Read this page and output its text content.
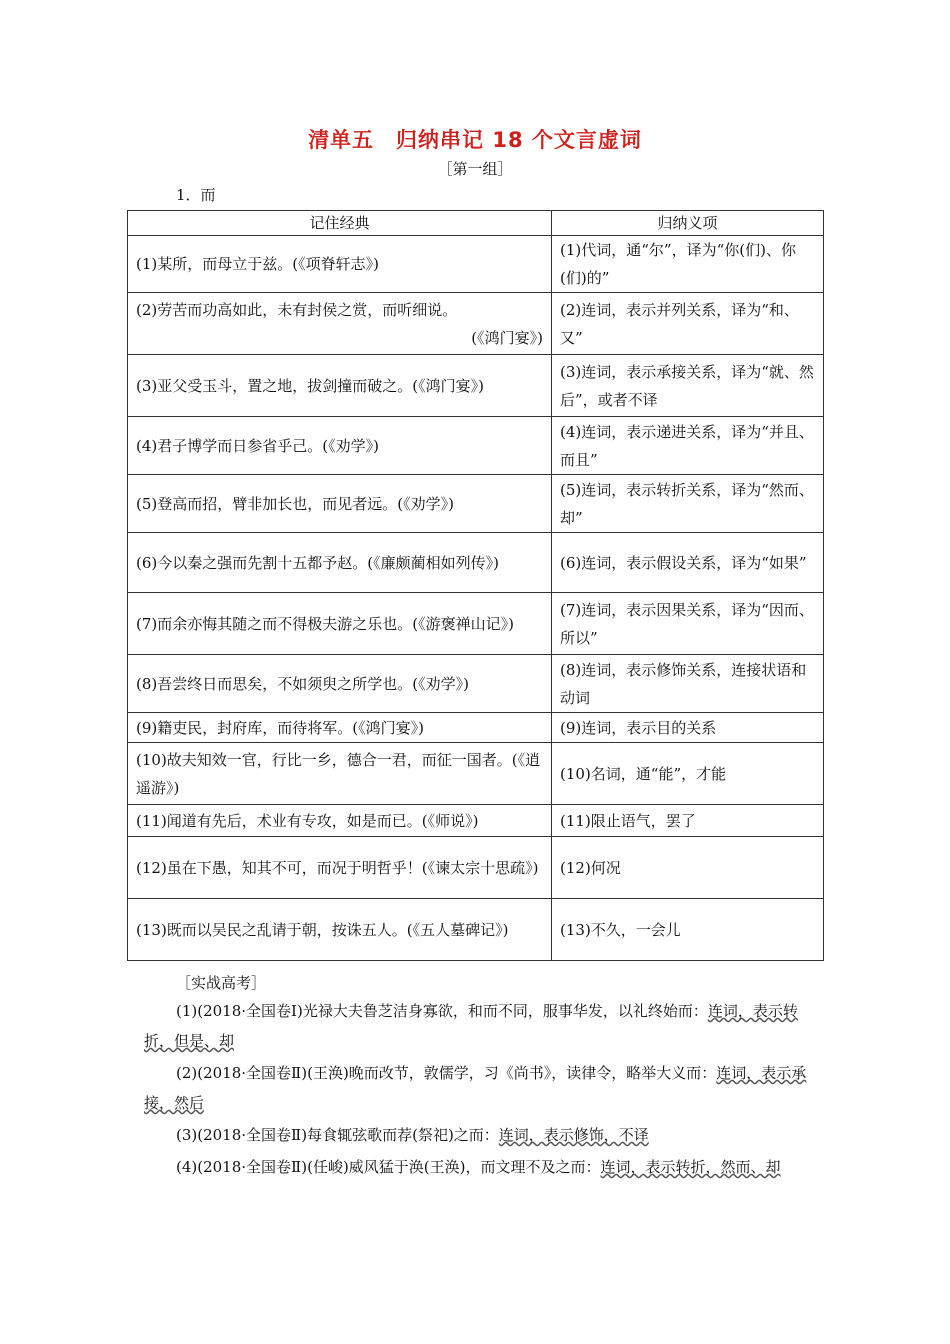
清单五　归纳串记 18 个文言虚词
［第一组］
1．而
记住经典	归纳义项
(1)某所，而母立于兹。(《项脊轩志》)	(1)代词，通“尔”，译为“你(们)、你(们)的”
(2)劳苦而功高如此，未有封侯之赏，而听细说。
(《鸿门宴》)	(2)连词，表示并列关系，译为“和、又”
(3)亚父受玉斗，置之地，拔剑撞而破之。(《鸿门宴》)	(3)连词，表示承接关系，译为“就、然后”，或者不译
(4)君子博学而日参省乎己。(《劝学》)	(4)连词，表示递进关系，译为“并且、而且”
(5)登高而招，臂非加长也，而见者远。(《劝学》)	(5)连词，表示转折关系，译为“然而、却”
(6)今以秦之强而先割十五都予赵。(《廉颇蔺相如列传》)	(6)连词，表示假设关系，译为“如果”
(7)而余亦悔其随之而不得极夫游之乐也。(《游褒禅山记》)	(7)连词，表示因果关系，译为“因而、所以”
(8)吾尝终日而思矣，不如须臾之所学也。(《劝学》)	(8)连词，表示修饰关系，连接状语和动词
(9)籍吏民，封府库，而待将军。(《鸿门宴》)	(9)连词，表示目的关系
(10)故夫知效一官，行比一乡，德合一君，而征一国者。(《逍遥游》)	(10)名词，通“能”，才能
(11)闻道有先后，术业有专攻，如是而已。(《师说》)	(11)限止语气，罢了
(12)虽在下愚，知其不可，而况于明哲乎！(《谏太宗十思疏》)	(12)何况
(13)既而以吴民之乱请于朝，按诛五人。(《五人墓碑记》)	(13)不久，一会儿
［实战高考］

(1)(2018·全国卷Ⅰ)光禄大夫鲁芝洁身寡欲，和而不同，服事华发，以礼终始而：连词，表示转折，但是、却

(2)(2018·全国卷Ⅱ)(王涣)晚而改节，敦儒学，习《尚书》，读律令，略举大义而：连词，表示承接，然后

(3)(2018·全国卷Ⅱ)每食辄弦歌而荐(祭祀)之而：连词，表示修饰，不译

(4)(2018·全国卷Ⅱ)(任峻)威风猛于涣(王涣)，而文理不及之而：连词，表示转折，然而、却
